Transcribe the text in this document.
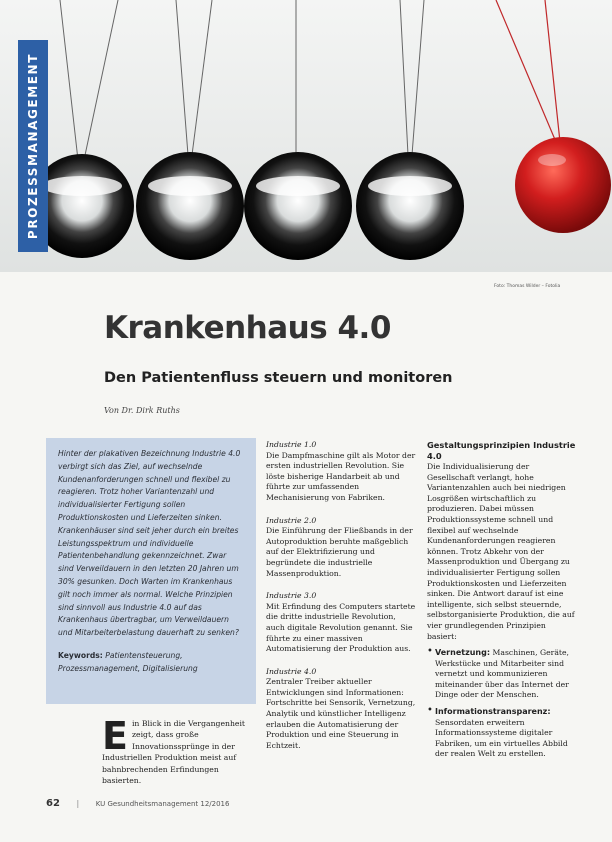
PROZESSMANAGEMENT
Foto: Thomas Wilder – Fotolia
Krankenhaus 4.0
Den Patientenfluss steuern und monitoren
Von Dr. Dirk Ruths
Hinter der plakativen Bezeichnung Industrie 4.0 verbirgt sich das Ziel, auf wechselnde Kundenanforderungen schnell und flexibel zu reagieren. Trotz hoher Variantenzahl und individualisierter Fertigung sollen Produktionskosten und Lieferzeiten sinken. Krankenhäuser sind seit jeher durch ein breites Leistungsspektrum und individuelle Patientenbehandlung gekennzeichnet. Zwar sind Verweildauern in den letzten 20 Jahren um 30% gesunken. Doch Warten im Krankenhaus gilt noch immer als normal. Welche Prinzipien sind sinnvoll aus Industrie 4.0 auf das Krankenhaus übertragbar, um Verweildauern und Mitarbeiterbelastung dauerhaft zu senken?
Keywords: Patientensteuerung, Prozessmanagement, Digitalisierung
E in Blick in die Vergangenheit zeigt, dass große Innovationssprünge in der Industriellen Produktion meist auf bahnbrechenden Erfindungen basierten.

Industrie 1.0
Die Dampfmaschine gilt als Motor der ersten industriellen Revolution. Sie löste bisherige Handarbeit ab und führte zur umfassenden Mechanisierung von Fabriken.

Industrie 2.0
Die Einführung der Fließbands in der Autoproduktion beruhte maßgeblich auf der Elektrifizierung und begründete die industrielle Massenproduktion.

Industrie 3.0
Mit Erfindung des Computers startete die dritte industrielle Revolution, auch digitale Revolution genannt. Sie führte zu einer massiven Automatisierung der Produktion aus.

Industrie 4.0
Zentraler Treiber aktueller Entwicklungen sind Informationen: Fortschritte bei Sensorik, Vernetzung, Analytik und künstlicher Intelligenz erlauben die Automatisierung der Produktion und eine Steuerung in Echtzeit.

Gestaltungsprinzipien Industrie 4.0
Die Individualisierung der Gesellschaft verlangt, hohe Variantenzahlen auch bei niedrigen Losgrößen wirtschaftlich zu produzieren. Dabei müssen Produktionssysteme schnell und flexibel auf wechselnde Kundenanforderungen reagieren können. Trotz Abkehr von der Massenproduktion und Übergang zu individualisierter Fertigung sollen Produktionskosten und Lieferzeiten sinken. Die Antwort darauf ist eine intelligente, sich selbst steuernde, selbstorganisierte Produktion, die auf vier grundlegenden Prinzipien basiert:
• Vernetzung: Maschinen, Geräte, Werkstücke und Mitarbeiter sind vernetzt und kommunizieren miteinander über das Internet der Dinge oder der Menschen.
• Informationstransparenz: Sensordaten erweitern Informationssysteme digitaler Fabriken, um ein virtuelles Abbild der realen Welt zu erstellen.
62 | KU Gesundheitsmanagement 12/2016
